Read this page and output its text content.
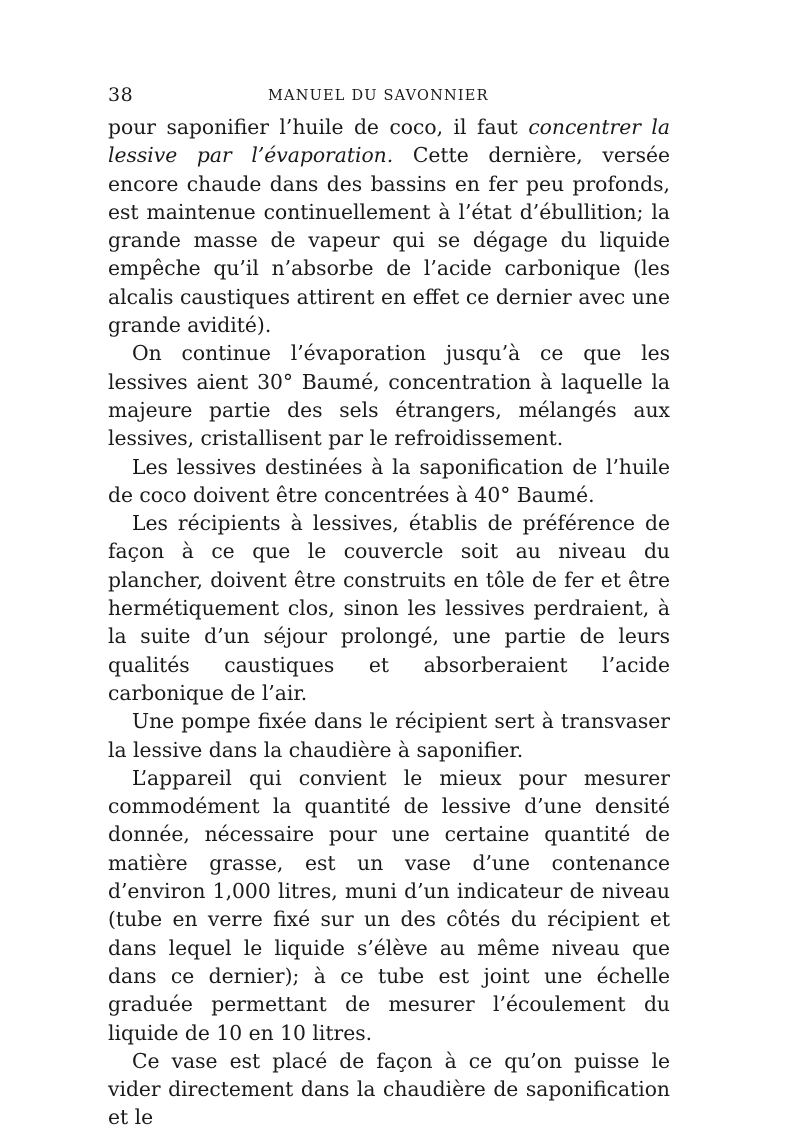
38	MANUEL DU SAVONNIER

pour saponifier l’huile de coco, il faut concentrer la lessive par l’évaporation. Cette dernière, versée encore chaude dans des bassins en fer peu profonds, est maintenue continuellement à l’état d’ébullition; la grande masse de vapeur qui se dégage du liquide empêche qu’il n’absorbe de l’acide carbonique (les alcalis caustiques attirent en effet ce dernier avec une grande avidité).

On continue l’évaporation jusqu’à ce que les lessives aient 30° Baumé, concentration à laquelle la majeure partie des sels étrangers, mélangés aux lessives, cristallisent par le refroidissement.

Les lessives destinées à la saponification de l’huile de coco doivent être concentrées à 40° Baumé.

Les récipients à lessives, établis de préférence de façon à ce que le couvercle soit au niveau du plancher, doivent être construits en tôle de fer et être hermétiquement clos, sinon les lessives perdraient, à la suite d’un séjour prolongé, une partie de leurs qualités caustiques et absorberaient l’acide carbonique de l’air.

Une pompe fixée dans le récipient sert à transvaser la lessive dans la chaudière à saponifier.

L’appareil qui convient le mieux pour mesurer commodément la quantité de lessive d’une densité donnée, nécessaire pour une certaine quantité de matière grasse, est un vase d’une contenance d’environ 1,000 litres, muni d’un indicateur de niveau (tube en verre fixé sur un des côtés du récipient et dans lequel le liquide s’élève au même niveau que dans ce dernier); à ce tube est joint une échelle graduée permettant de mesurer l’écoulement du liquide de 10 en 10 litres.

Ce vase est placé de façon à ce qu’on puisse le vider directement dans la chaudière de saponification et le
